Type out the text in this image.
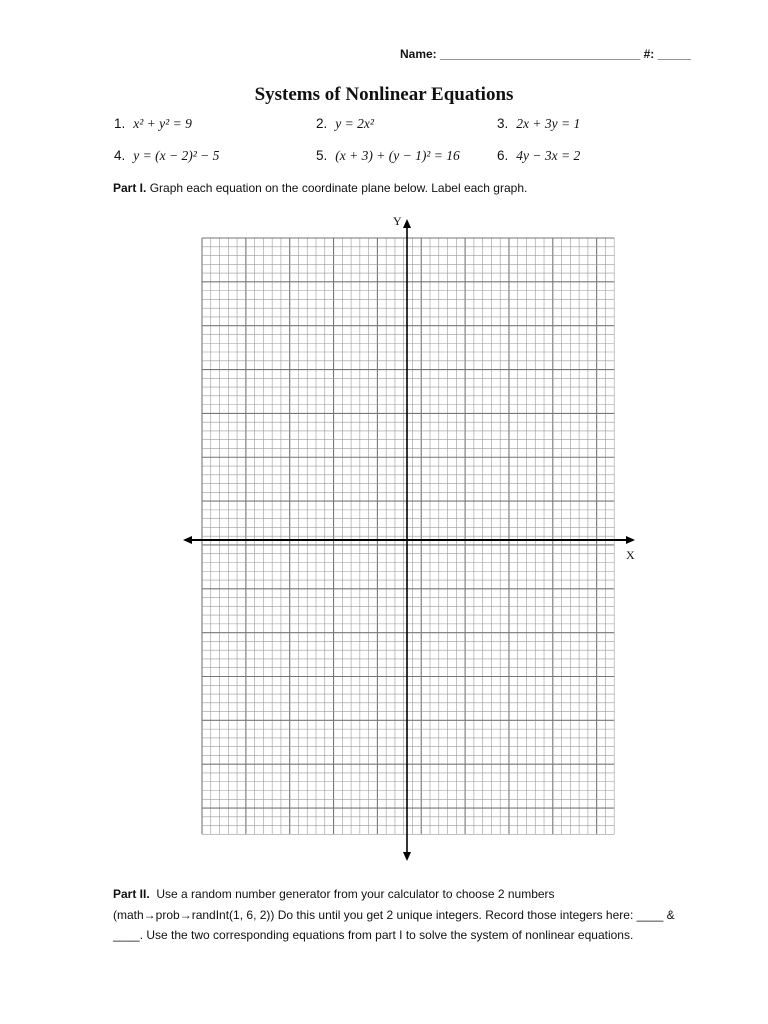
Name: ______________________________ #: _____
Systems of Nonlinear Equations
1. x² + y² = 9	2. y = 2x²	3. 2x + 3y = 1
4. y = (x − 2)² − 5	5. (x + 3) + (y − 1)² = 16	6. 4y − 3x = 2
Part I. Graph each equation on the coordinate plane below. Label each graph.
Y
X
Part II. Use a random number generator from your calculator to choose 2 numbers
(math→prob→randInt(1, 6, 2)) Do this until you get 2 unique integers. Record those integers here: ____ &
____. Use the two corresponding equations from part I to solve the system of nonlinear equations.
